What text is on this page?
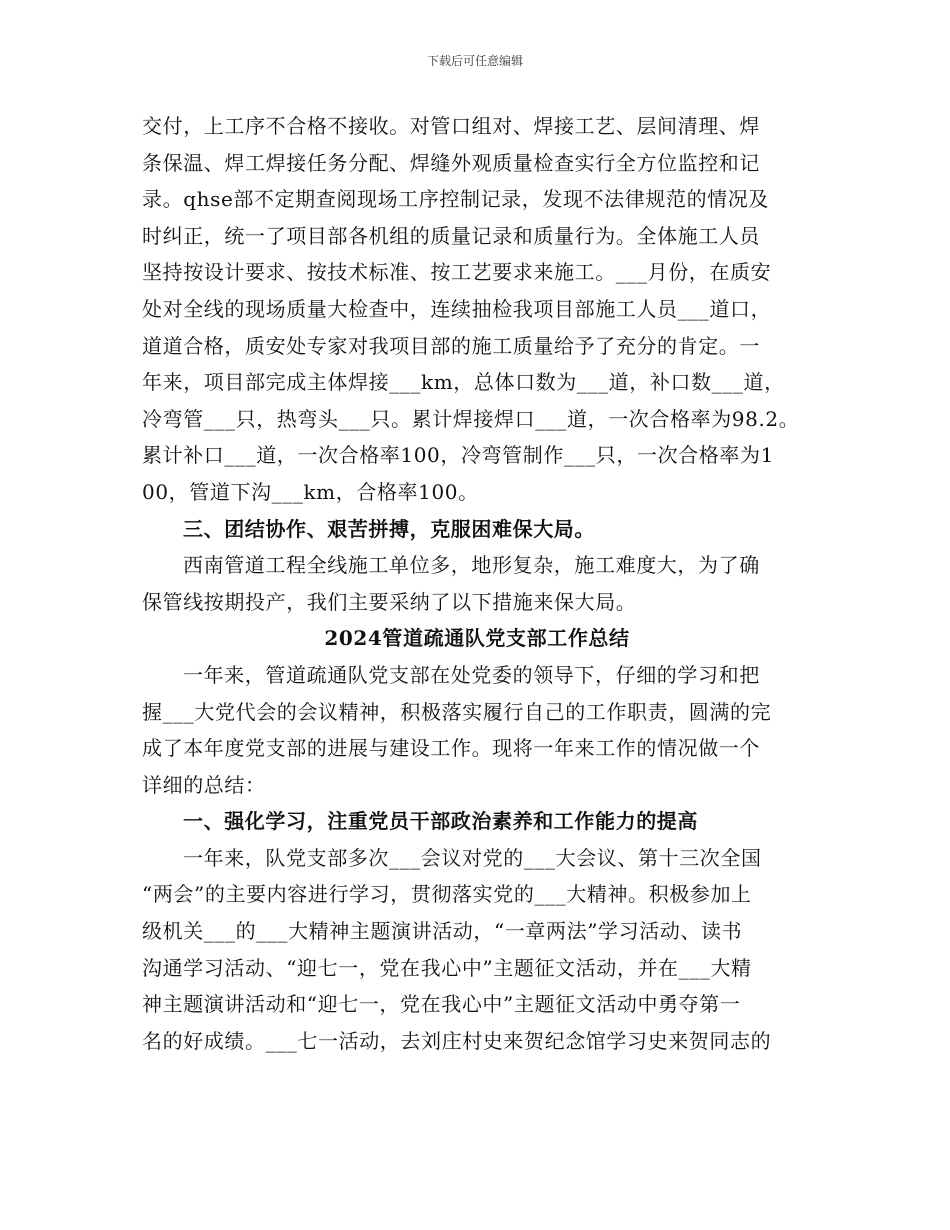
下载后可任意编辑
交付，上工序不合格不接收。对管口组对、焊接工艺、层间清理、焊
条保温、焊工焊接任务分配、焊缝外观质量检查实行全方位监控和记
录。qhse部不定期查阅现场工序控制记录，发现不法律规范的情况及
时纠正，统一了项目部各机组的质量记录和质量行为。全体施工人员
坚持按设计要求、按技术标准、按工艺要求来施工。___月份，在质安
处对全线的现场质量大检查中，连续抽检我项目部施工人员___道口，
道道合格，质安处专家对我项目部的施工质量给予了充分的肯定。一
年来，项目部完成主体焊接___km，总体口数为___道，补口数___道，
冷弯管___只，热弯头___只。累计焊接焊口___道，一次合格率为98.2。
累计补口___道，一次合格率100，冷弯管制作___只，一次合格率为1
00，管道下沟___km，合格率100。
三、团结协作、艰苦拼搏，克服困难保大局。
西南管道工程全线施工单位多，地形复杂，施工难度大，为了确
保管线按期投产，我们主要采纳了以下措施来保大局。
2024管道疏通队党支部工作总结
一年来，管道疏通队党支部在处党委的领导下，仔细的学习和把
握___大党代会的会议精神，积极落实履行自己的工作职责，圆满的完
成了本年度党支部的进展与建设工作。现将一年来工作的情况做一个
详细的总结：
一、强化学习，注重党员干部政治素养和工作能力的提高
一年来，队党支部多次___会议对党的___大会议、第十三次全国
“两会”的主要内容进行学习，贯彻落实党的___大精神。积极参加上
级机关___的___大精神主题演讲活动，“一章两法”学习活动、读书
沟通学习活动、“迎七一，党在我心中”主题征文活动，并在___大精
神主题演讲活动和“迎七一，党在我心中”主题征文活动中勇夺第一
名的好成绩。___七一活动，去刘庄村史来贺纪念馆学习史来贺同志的
